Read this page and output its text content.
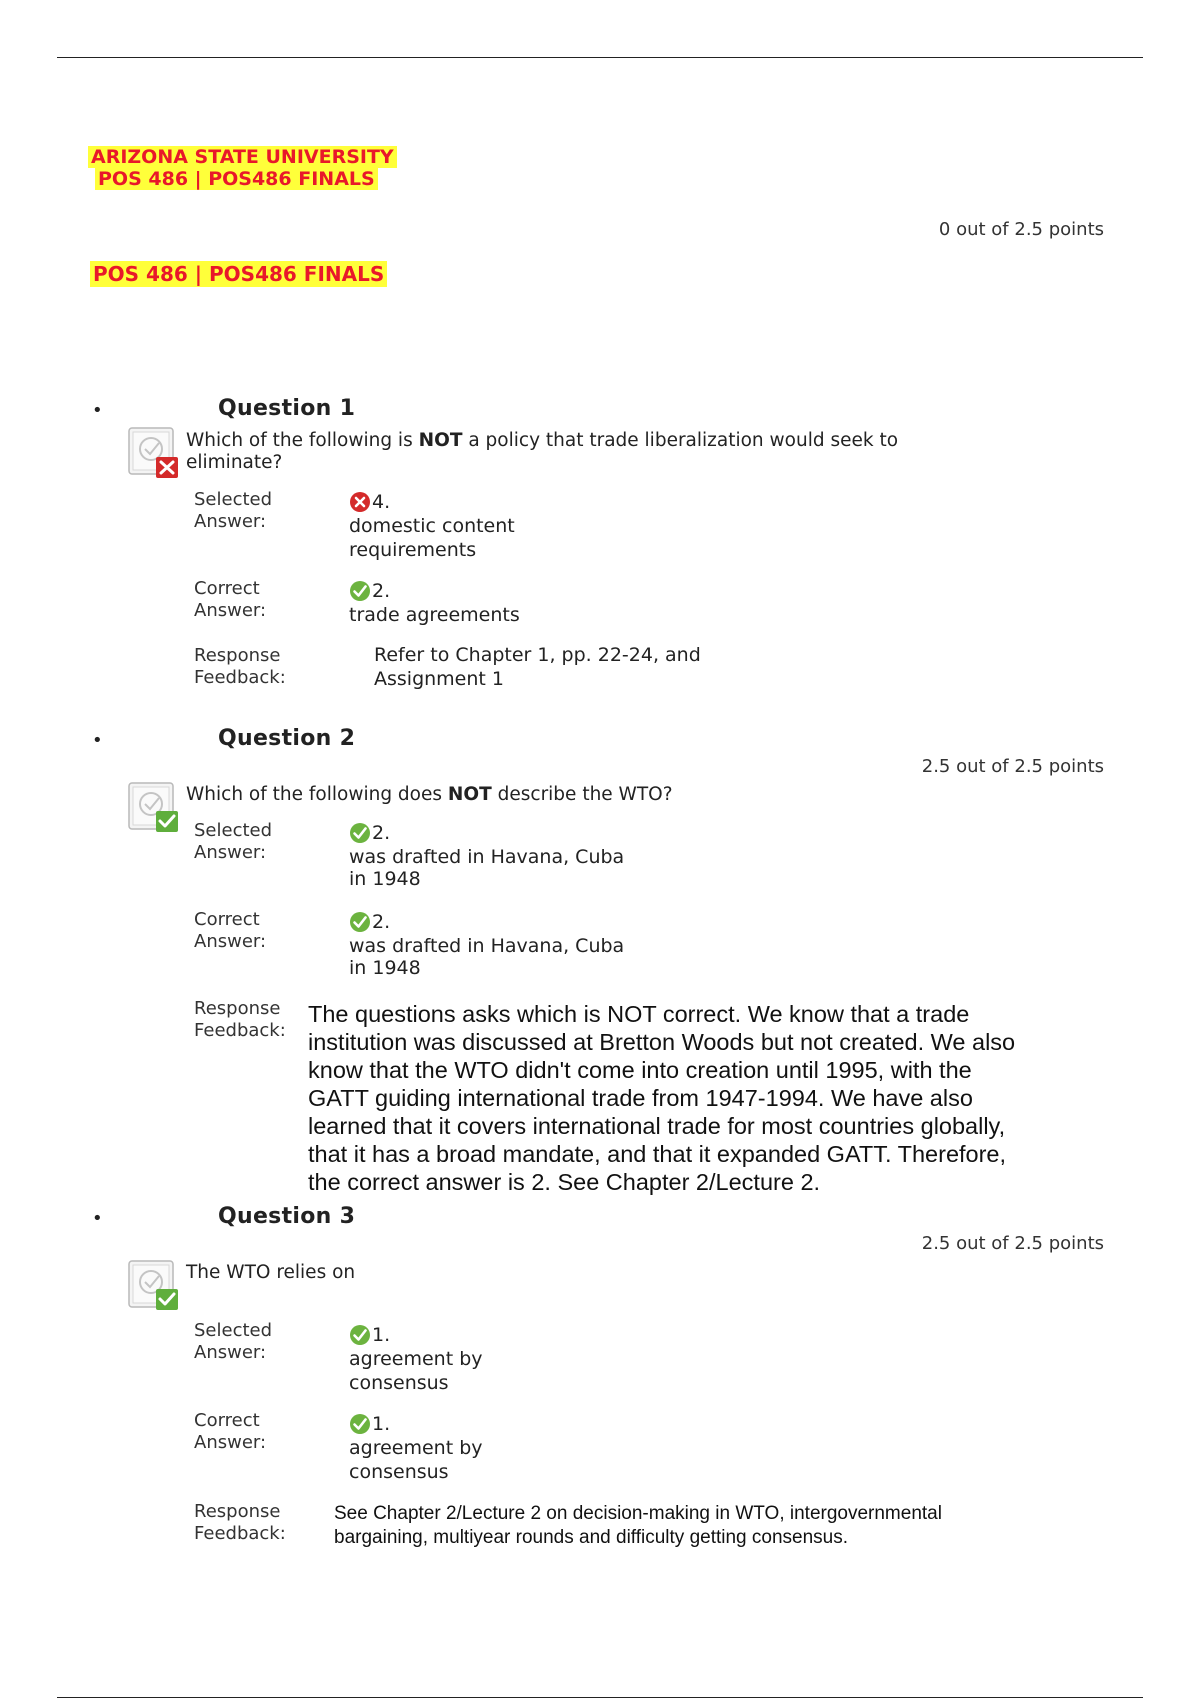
ARIZONA STATE UNIVERSITY
POS 486 | POS486 FINALS
0 out of 2.5 points
POS 486 | POS486 FINALS
•	Question 1
Which of the following is NOT a policy that trade liberalization would seek to
eliminate?
Selected
Answer:
4.
domestic content
requirements
Correct
Answer:
2.
trade agreements
Response
Feedback:
Refer to Chapter 1, pp. 22-24, and
Assignment 1
•	Question 2
2.5 out of 2.5 points
Which of the following does NOT describe the WTO?
Selected
Answer:
2.
was drafted in Havana, Cuba
in 1948
Correct
Answer:
2.
was drafted in Havana, Cuba
in 1948
Response
Feedback:
The questions asks which is NOT correct. We know that a trade
institution was discussed at Bretton Woods but not created. We also
know that the WTO didn't come into creation until 1995, with the
GATT guiding international trade from 1947-1994. We have also
learned that it covers international trade for most countries globally,
that it has a broad mandate, and that it expanded GATT. Therefore,
the correct answer is 2. See Chapter 2/Lecture 2.
•	Question 3
2.5 out of 2.5 points
The WTO relies on
Selected
Answer:
1.
agreement by
consensus
Correct
Answer:
1.
agreement by
consensus
Response
Feedback:
See Chapter 2/Lecture 2 on decision-making in WTO, intergovernmental
bargaining, multiyear rounds and difficulty getting consensus.
